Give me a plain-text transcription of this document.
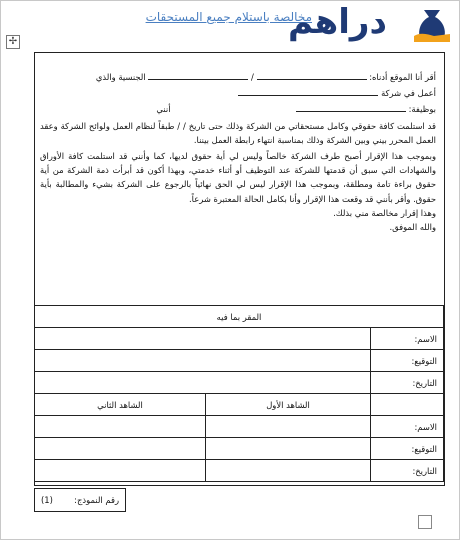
مخالصة باستلام جميع المستحقات
دراهم
✢

أقر أنا الموقع أدناه:  /  الجنسية والذي

أعمل في شركة

بوظيفة:   أنني

قد استلمت كافة حقوقي وكامل مستحقاتي من الشركة وذلك حتى تاريخ / / طبقاً لنظام العمل ولوائح الشركة وعقد العمل المحرر بيني وبين الشركة وذلك بمناسبة انتهاء رابطة العمل بيننا.

وبموجب هذا الإقرار أصبح طرف الشركة خالصاً وليس لي أية حقوق لديها، كما وأنني قد استلمت كافة الأوراق والشهادات التي سبق أن قدمتها للشركة عند التوظيف أو أثناء خدمتي، وبهذا أكون قد أبرأت ذمة الشركة من أية حقوق براءة تامة ومطلقة، وبموجب هذا الإقرار ليس لي الحق نهائياً بالرجوع على الشركة بشيء والمطالبة بأية حقوق. وأقر بأنني قد وقعت هذا الإقرار وأنا بكامل الحالة المعتبرة شرعاً.

وهذا إقرار مخالصة مني بذلك.

والله الموفق.

المقر بما فيه		
الاسم:		
التوقيع:		
التاريخ:		
	الشاهد الأول	الشاهد الثاني
الاسم:		
التوقيع:		
التاريخ:		
رقم النموذج:
(1)
